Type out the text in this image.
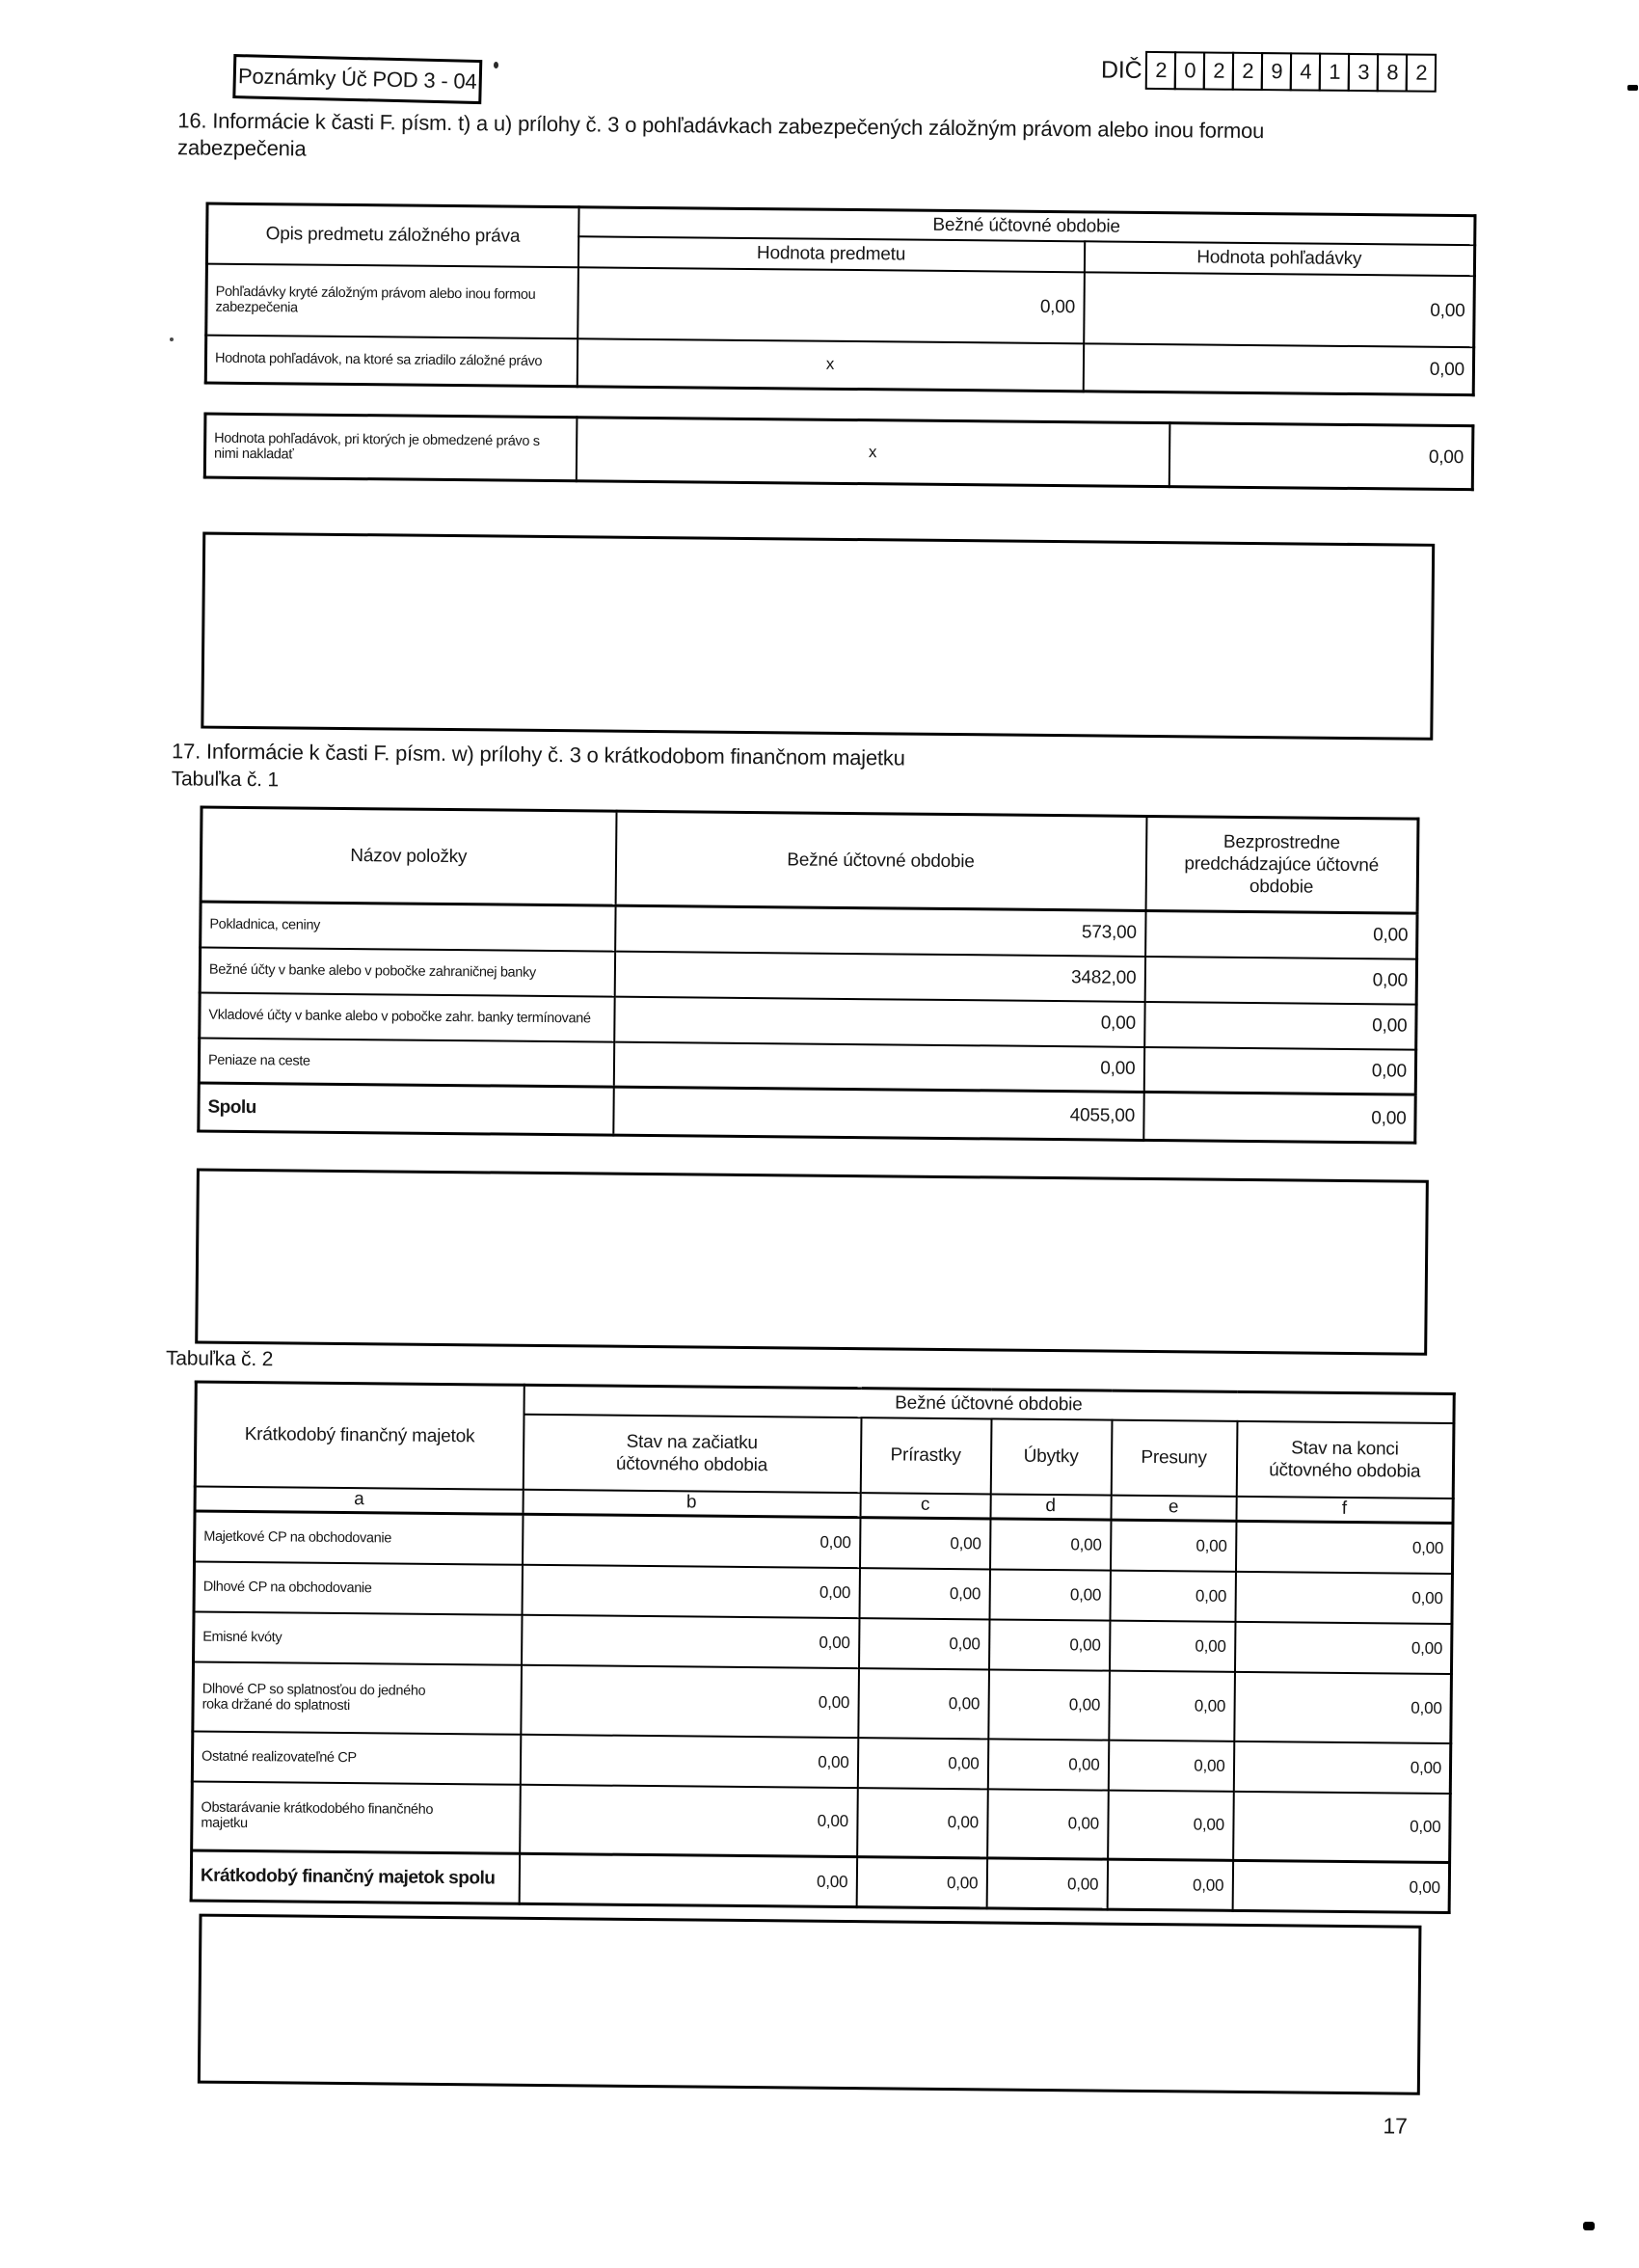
Poznámky Úč POD 3 - 04	DIČ 2 0 2 2 9 4 1 3 8 2
16. Informácie k časti F. písm. t) a u) prílohy č. 3 o pohľadávkach zabezpečených záložným právom alebo inou formou zabezpečenia
Opis predmetu záložného práva	Bežné účtovné obdobie	
	Hodnota predmetu	Hodnota pohľadávky

Pohľadávky kryté záložným právom alebo inou formou zabezpečenia	0,00	0,00

Hodnota pohľadávok, na ktoré sa zriadilo záložné právo	x	0,00
Hodnota pohľadávok, pri ktorých je obmedzené právo s nimi nakladať	x	0,00
17. Informácie k časti F. písm. w) prílohy č. 3 o krátkodobom finančnom majetku
Tabuľka č. 1
Názov položky	Bežné účtovné obdobie	Bezprostredne predchádzajúce účtovné obdobie

Pokladnica, ceniny	573,00	0,00

Bežné účty v banke alebo v pobočke zahraničnej banky	3482,00	0,00

Vkladové účty v banke alebo v pobočke zahr. banky termínované	0,00	0,00

Peniaze na ceste	0,00	0,00

Spolu	4055,00	0,00
Tabuľka č. 2
Krátkodobý finančný majetok	Bežné účtovné obdobie				

	Stav na začiatku účtovného obdobia	Prírastky	Úbytky	Presuny	Stav na konci účtovného obdobia

a	b	c	d	e	f

Majetkové CP na obchodovanie	0,00	0,00	0,00	0,00	0,00

Dlhové CP na obchodovanie	0,00	0,00	0,00	0,00	0,00

Emisné kvóty	0,00	0,00	0,00	0,00	0,00

Dlhové CP so splatnosťou do jedného roka držané do splatnosti	0,00	0,00	0,00	0,00	0,00

Ostatné realizovateľné CP	0,00	0,00	0,00	0,00	0,00

Obstarávanie krátkodobého finančného majetku	0,00	0,00	0,00	0,00	0,00

Krátkodobý finančný majetok spolu	0,00	0,00	0,00	0,00	0,00
17
